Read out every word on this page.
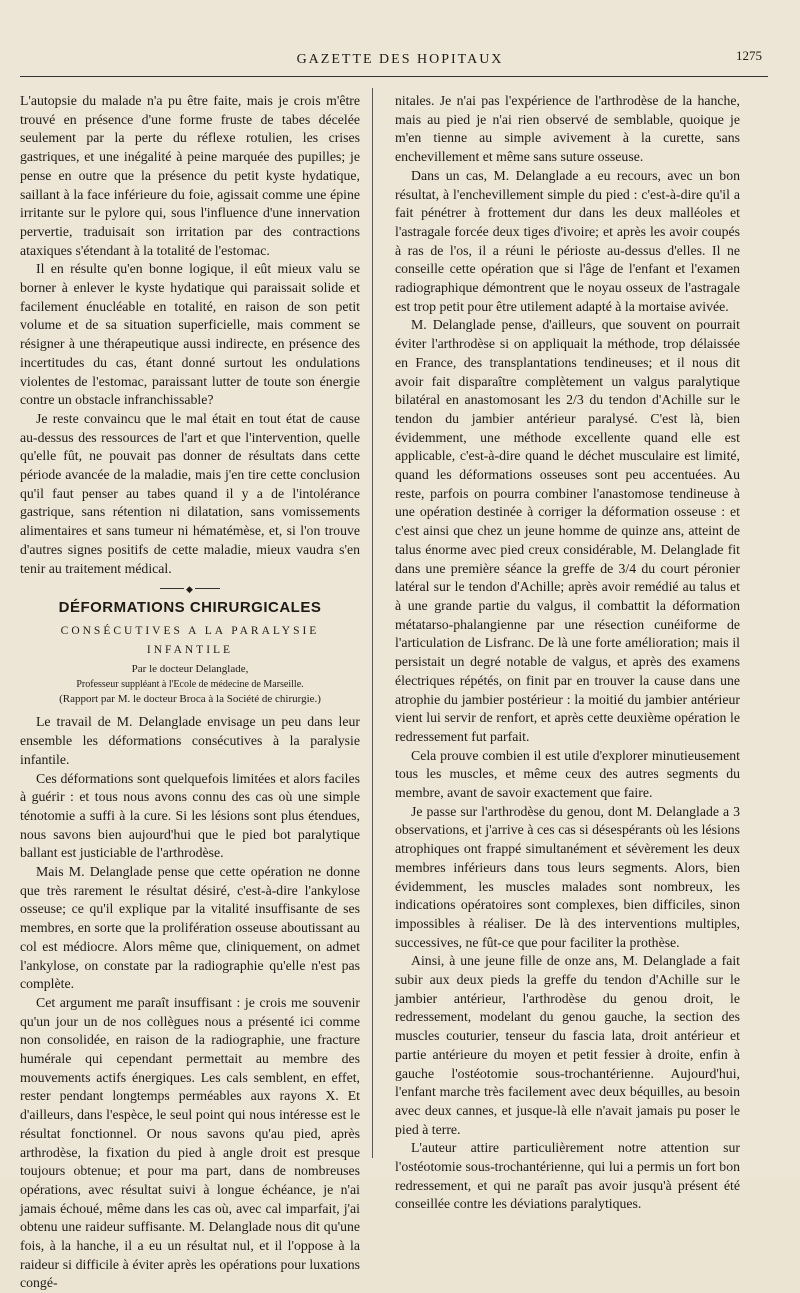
GAZETTE DES HOPITAUX	1275

L'autopsie du malade n'a pu être faite, mais je crois m'être trouvé en présence d'une forme fruste de tabes décelée seulement par la perte du réflexe rotulien, les crises gastriques, et une inégalité à peine marquée des pupilles; je pense en outre que la présence du petit kyste hydatique, saillant à la face inférieure du foie, agissait comme une épine irritante sur le pylore qui, sous l'influence d'une innervation pervertie, traduisait son irritation par des contractions ataxiques s'étendant à la totalité de l'estomac.

Il en résulte qu'en bonne logique, il eût mieux valu se borner à enlever le kyste hydatique qui paraissait solide et facilement énucléable en totalité, en raison de son petit volume et de sa situation superficielle, mais comment se résigner à une thérapeutique aussi indirecte, en présence des incertitudes du cas, étant donné surtout les ondulations violentes de l'estomac, paraissant lutter de toute son énergie contre un obstacle infranchissable?

Je reste convaincu que le mal était en tout état de cause au-dessus des ressources de l'art et que l'intervention, quelle qu'elle fût, ne pouvait pas donner de résultats dans cette période avancée de la maladie, mais j'en tire cette conclusion qu'il faut penser au tabes quand il y a de l'intolérance gastrique, sans rétention ni dilatation, sans vomissements alimentaires et sans tumeur ni hématémèse, et, si l'on trouve d'autres signes positifs de cette maladie, mieux vaudra s'en tenir au traitement médical.

◆
DÉFORMATIONS CHIRURGICALES
CONSÉCUTIVES A LA PARALYSIE INFANTILE
Par le docteur Delanglade,
Professeur suppléant à l'Ecole de médecine de Marseille.
(Rapport par M. le docteur Broca à la Société de chirurgie.)

Le travail de M. Delanglade envisage un peu dans leur ensemble les déformations consécutives à la paralysie infantile.

Ces déformations sont quelquefois limitées et alors faciles à guérir : et tous nous avons connu des cas où une simple ténotomie a suffi à la cure. Si les lésions sont plus étendues, nous savons bien aujourd'hui que le pied bot paralytique ballant est justiciable de l'arthrodèse.

Mais M. Delanglade pense que cette opération ne donne que très rarement le résultat désiré, c'est-à-dire l'ankylose osseuse; ce qu'il explique par la vitalité insuffisante de ses membres, en sorte que la prolifération osseuse aboutissant au col est médiocre. Alors même que, cliniquement, on admet l'ankylose, on constate par la radiographie qu'elle n'est pas complète.

Cet argument me paraît insuffisant : je crois me souvenir qu'un jour un de nos collègues nous a présenté ici comme non consolidée, en raison de la radiographie, une fracture humérale qui cependant permettait au membre des mouvements actifs énergiques. Les cals semblent, en effet, rester pendant longtemps perméables aux rayons X. Et d'ailleurs, dans l'espèce, le seul point qui nous intéresse est le résultat fonctionnel. Or nous savons qu'au pied, après arthrodèse, la fixation du pied à angle droit est presque toujours obtenue; et pour ma part, dans de nombreuses opérations, avec résultat suivi à longue échéance, je n'ai jamais échoué, même dans les cas où, avec cal imparfait, j'ai obtenu une raideur suffisante. M. Delanglade nous dit qu'une fois, à la hanche, il a eu un résultat nul, et il l'oppose à la raideur si difficile à éviter après les opérations pour luxations congé-

nitales. Je n'ai pas l'expérience de l'arthrodèse de la hanche, mais au pied je n'ai rien observé de semblable, quoique je m'en tienne au simple avivement à la curette, sans enchevillement et même sans suture osseuse.

Dans un cas, M. Delanglade a eu recours, avec un bon résultat, à l'enchevillement simple du pied : c'est-à-dire qu'il a fait pénétrer à frottement dur dans les deux malléoles et l'astragale forcée deux tiges d'ivoire; et après les avoir coupés à ras de l'os, il a réuni le périoste au-dessus d'elles. Il ne conseille cette opération que si l'âge de l'enfant et l'examen radiographique démontrent que le noyau osseux de l'astragale est trop petit pour être utilement adapté à la mortaise avivée.

M. Delanglade pense, d'ailleurs, que souvent on pourrait éviter l'arthrodèse si on appliquait la méthode, trop délaissée en France, des transplantations tendineuses; et il nous dit avoir fait disparaître complètement un valgus paralytique bilatéral en anastomosant les 2/3 du tendon d'Achille sur le tendon du jambier antérieur paralysé. C'est là, bien évidemment, une méthode excellente quand elle est applicable, c'est-à-dire quand le déchet musculaire est limité, quand les déformations osseuses sont peu accentuées. Au reste, parfois on pourra combiner l'anastomose tendineuse à une opération destinée à corriger la déformation osseuse : et c'est ainsi que chez un jeune homme de quinze ans, atteint de talus énorme avec pied creux considérable, M. Delanglade fit dans une première séance la greffe de 3/4 du court péronier latéral sur le tendon d'Achille; après avoir remédié au talus et à une grande partie du valgus, il combattit la déformation métatarso-phalangienne par une résection cunéiforme de l'articulation de Lisfranc. De là une forte amélioration; mais il persistait un degré notable de valgus, et après des examens électriques répétés, on finit par en trouver la cause dans une atrophie du jambier postérieur : la moitié du jambier antérieur vient lui servir de renfort, et après cette deuxième opération le redressement fut parfait.

Cela prouve combien il est utile d'explorer minutieusement tous les muscles, et même ceux des autres segments du membre, avant de savoir exactement que faire.

Je passe sur l'arthrodèse du genou, dont M. Delanglade a 3 observations, et j'arrive à ces cas si désespérants où les lésions atrophiques ont frappé simultanément et sévèrement les deux membres inférieurs dans tous leurs segments. Alors, bien évidemment, les muscles malades sont nombreux, les indications opératoires sont complexes, bien difficiles, sinon impossibles à réaliser. De là des interventions multiples, successives, ne fût-ce que pour faciliter la prothèse.

Ainsi, à une jeune fille de onze ans, M. Delanglade a fait subir aux deux pieds la greffe du tendon d'Achille sur le jambier antérieur, l'arthrodèse du genou droit, le redressement, modelant du genou gauche, la section des muscles couturier, tenseur du fascia lata, droit antérieur et partie antérieure du moyen et petit fessier à droite, enfin à gauche l'ostéotomie sous-trochantérienne. Aujourd'hui, l'enfant marche très facilement avec deux béquilles, au besoin avec deux cannes, et jusque-là elle n'avait jamais pu poser le pied à terre.

L'auteur attire particulièrement notre attention sur l'ostéotomie sous-trochantérienne, qui lui a permis un fort bon redressement, et qui ne paraît pas avoir jusqu'à présent été conseillée contre les déviations paralytiques.
